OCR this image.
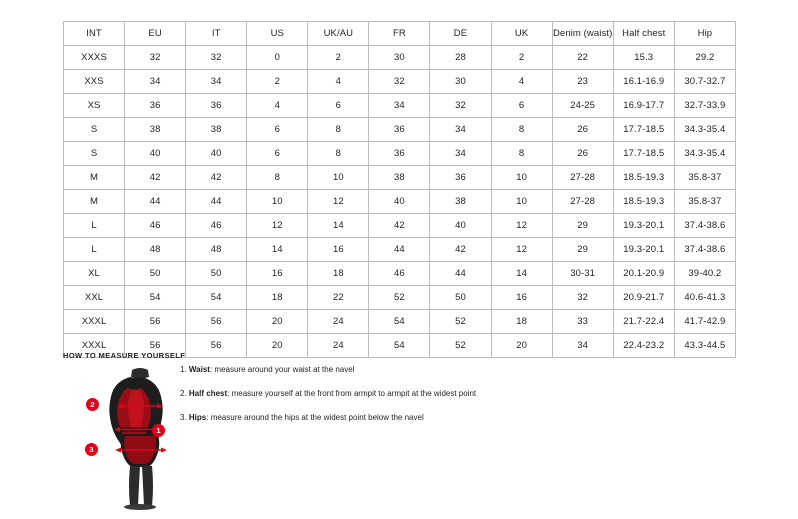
INT	EU	IT	US	UK/AU	FR	DE	UK	Denim (waist)	Half chest	Hip
XXXS	32	32	0	2	30	28	2	22	15.3	29.2
XXS	34	34	2	4	32	30	4	23	16.1-16.9	30.7-32.7
XS	36	36	4	6	34	32	6	24-25	16.9-17.7	32.7-33.9
S	38	38	6	8	36	34	8	26	17.7-18.5	34.3-35.4
S	40	40	6	8	36	34	8	26	17.7-18.5	34.3-35.4
M	42	42	8	10	38	36	10	27-28	18.5-19.3	35.8-37
M	44	44	10	12	40	38	10	27-28	18.5-19.3	35.8-37
L	46	46	12	14	42	40	12	29	19.3-20.1	37.4-38.6
L	48	48	14	16	44	42	12	29	19.3-20.1	37.4-38.6
XL	50	50	16	18	46	44	14	30-31	20.1-20.9	39-40.2
XXL	54	54	18	22	52	50	16	32	20.9-21.7	40.6-41.3
XXXL	56	56	20	24	54	52	18	33	21.7-22.4	41.7-42.9
XXXL	56	56	20	24	54	52	20	34	22.4-23.2	43.3-44.5
HOW TO MEASURE YOURSELF
1
2
3
1. Waist: measure around your waist at the navel
2. Half chest: measure yourself at the front from armpit to armpit at the widest point
3. Hips: measure around the hips at the widest point below the navel
